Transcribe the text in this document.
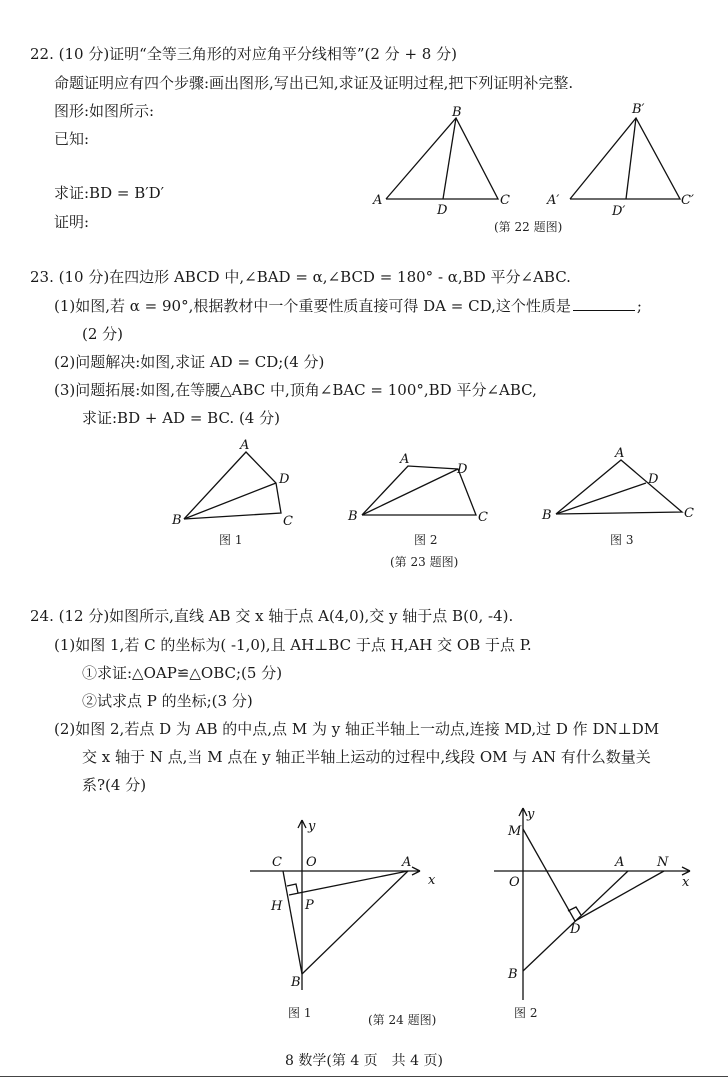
22. (10 分)证明“全等三角形的对应角平分线相等”(2 分 + 8 分)
命题证明应有四个步骤:画出图形,写出已知,求证及证明过程,把下列证明补完整.
图形:如图所示:
已知:
求证:BD = B′D′
证明:
B
A	C
D
B′
A′	C′
D′
(第 22 题图)
23. (10 分)在四边形 ABCD 中,∠BAD = α,∠BCD = 180° - α,BD 平分∠ABC.
(1)如图,若 α = 90°,根据教材中一个重要性质直接可得 DA = CD,这个性质是	;
(2 分)
(2)问题解决:如图,求证 AD = CD;(4 分)
(3)问题拓展:如图,在等腰△ABC 中,顶角∠BAC = 100°,BD 平分∠ABC,
求证:BD + AD = BC. (4 分)
A
B	C
D
A
B	C
D
A
B	C
D
图 1	图 2	图 3
(第 23 题图)
24. (12 分)如图所示,直线 AB 交 x 轴于点 A(4,0),交 y 轴于点 B(0, -4).
(1)如图 1,若 C 的坐标为( -1,0),且 AH⊥BC 于点 H,AH 交 OB 于点 P.
①求证:△OAP≌△OBC;(5 分)
②试求点 P 的坐标;(3 分)
(2)如图 2,若点 D 为 AB 的中点,点 M 为 y 轴正半轴上一动点,连接 MD,过 D 作 DN⊥DM
交 x 轴于 N 点,当 M 点在 y 轴正半轴上运动的过程中,线段 OM 与 AN 有什么数量关
系?(4 分)
x
y
O
C	A
H P
B
x
y
M
O
A	N
D
B
图 1	图 2
(第 24 题图)
8 数学(第 4 页　共 4 页)
